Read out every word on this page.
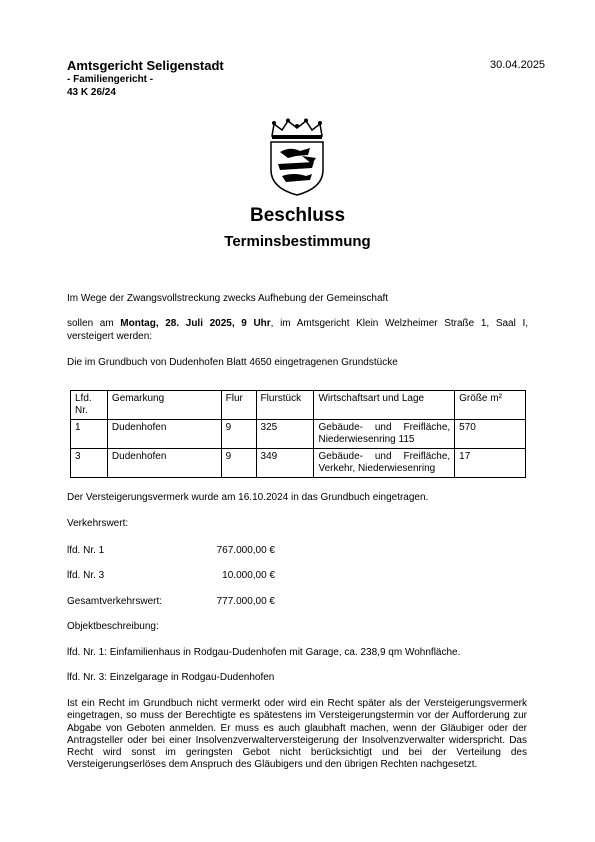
Amtsgericht Seligenstadt
- Familiengericht -
43 K 26/24
30.04.2025
Beschluss
Terminsbestimmung
Im Wege der Zwangsvollstreckung zwecks Aufhebung der Gemeinschaft
sollen am Montag, 28. Juli 2025, 9 Uhr, im Amtsgericht Klein Welzheimer Straße 1, Saal I,
versteigert werden:
Die im Grundbuch von Dudenhofen Blatt 4650 eingetragenen Grundstücke
Lfd. Nr.	Gemarkung	Flur	Flurstück	Wirtschaftsart und Lage	Größe m²
1	Dudenhofen	9	325	Gebäude- und Freifläche,
Niederwiesenring 115	570
3	Dudenhofen	9	349	Gebäude- und Freifläche,
Verkehr, Niederwiesenring	17
Der Versteigerungsvermerk wurde am 16.10.2024 in das Grundbuch eingetragen.
Verkehrswert:
lfd. Nr. 1	767.000,00 €
lfd. Nr. 3	10.000,00 €
Gesamtverkehrswert:	777.000,00 €
Objektbeschreibung:
lfd. Nr. 1: Einfamilienhaus in Rodgau-Dudenhofen mit Garage, ca. 238,9 qm Wohnfläche.
lfd. Nr. 3: Einzelgarage in Rodgau-Dudenhofen
Ist ein Recht im Grundbuch nicht vermerkt oder wird ein Recht später als der Versteigerungsvermerk eingetragen, so muss der Berechtigte es spätestens im Versteigerungstermin vor der Aufforderung zur Abgabe von Geboten anmelden. Er muss es auch glaubhaft machen, wenn der Gläubiger oder der Antragsteller oder bei einer Insolvenzverwalterversteigerung der Insolvenzverwalter widerspricht. Das Recht wird sonst im geringsten Gebot nicht berücksichtigt und bei der Verteilung des Versteigerungserlöses dem Anspruch des Gläubigers und den übrigen Rechten nachgesetzt.
